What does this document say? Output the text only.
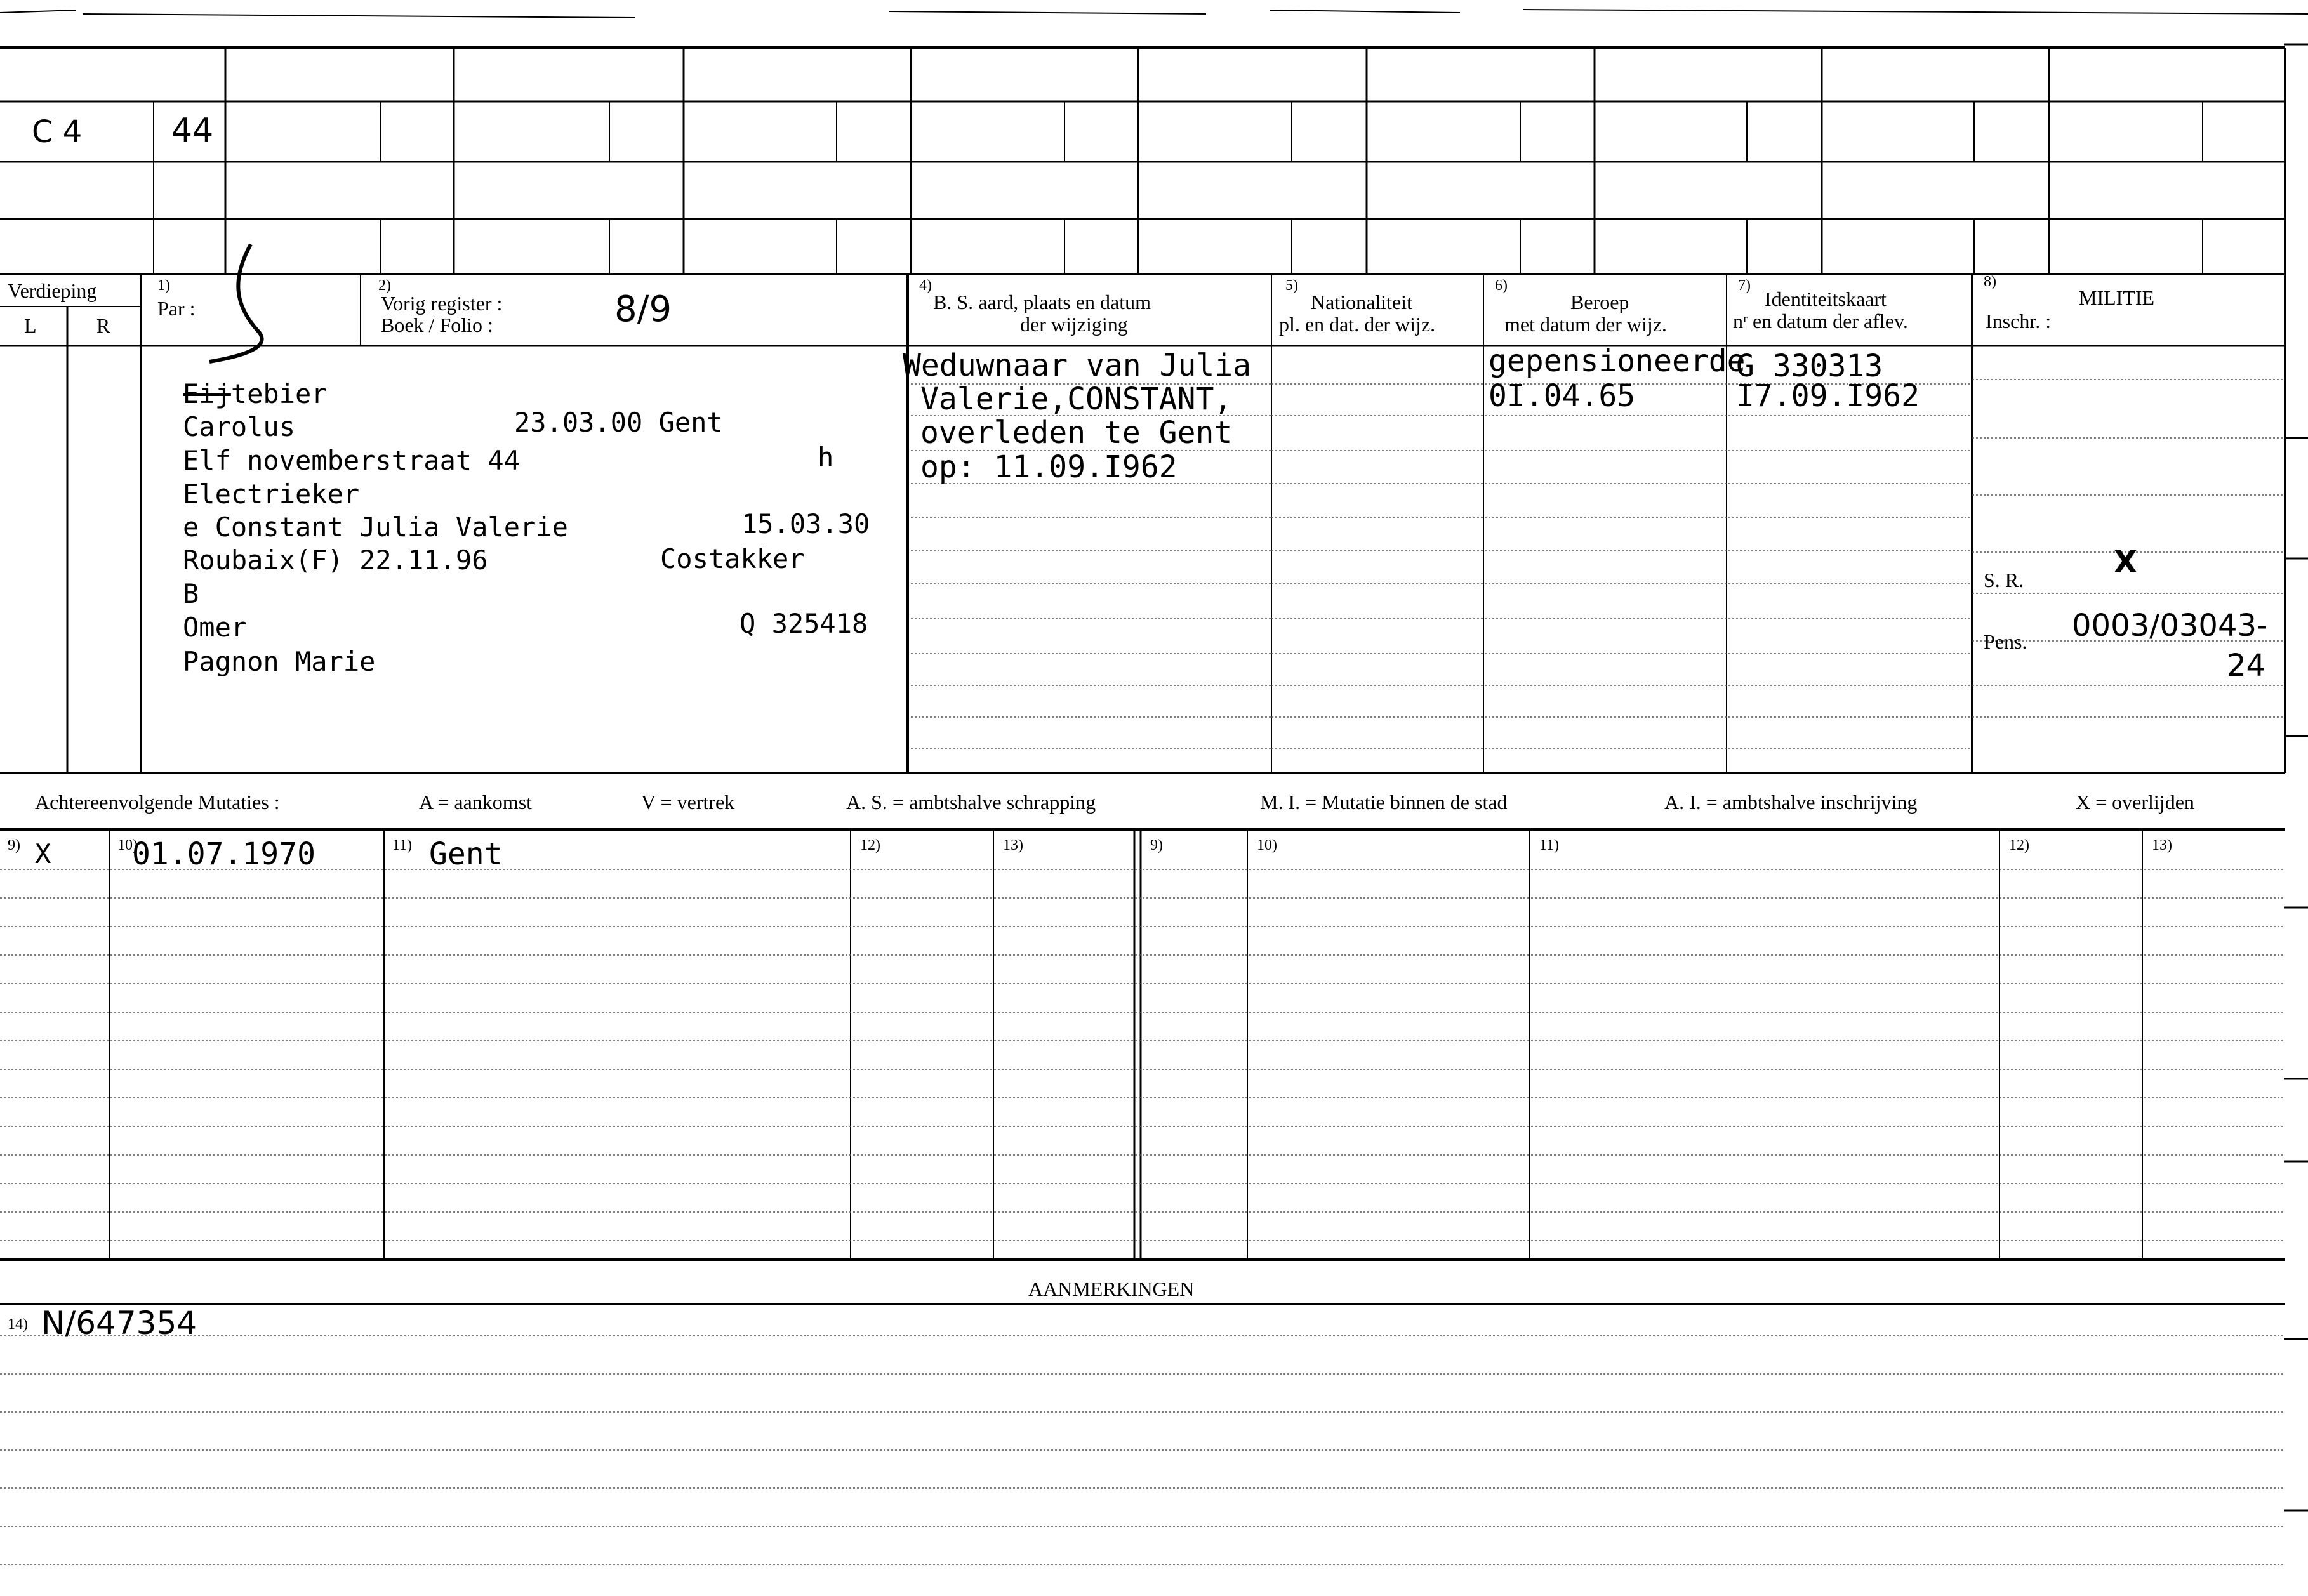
C 4	44
Verdieping
L	R
1)
Par :
2)
Vorig register :
Boek / Folio :	8/9
4)
B. S. aard, plaats en datum
der wijziging
5)
Nationaliteit
pl. en dat. der wijz.
6)
Beroep
met datum der wijz.
7)
Identiteitskaart
nʳ en datum der aflev.
8)
MILITIE
Inschr. :
Eijtebier
Carolus	23.03.00 Gent
Elf novemberstraat 44	h
Electrieker
e Constant Julia Valerie	15.03.30
Roubaix(F) 22.11.96	Costakker
B
Omer	Q 325418
Pagnon Marie
Weduwnaar van Julia
Valerie,CONSTANT,
overleden te Gent
op: 11.09.I962
gepensioneerde
0I.04.65
G 330313
I7.09.I962
S. R.	X
Pens. 0003/03043-
24
Achtereenvolgende Mutaties :	A = aankomst	V = vertrek	A. S. = ambtshalve schrapping	M. I. = Mutatie binnen de stad	A. I. = ambtshalve inschrijving	X = overlijden
9)	10)	11)	12)	13)	9)	10)	11)	12)	13)
X	01.07.1970	Gent
AANMERKINGEN
14) N/647354
